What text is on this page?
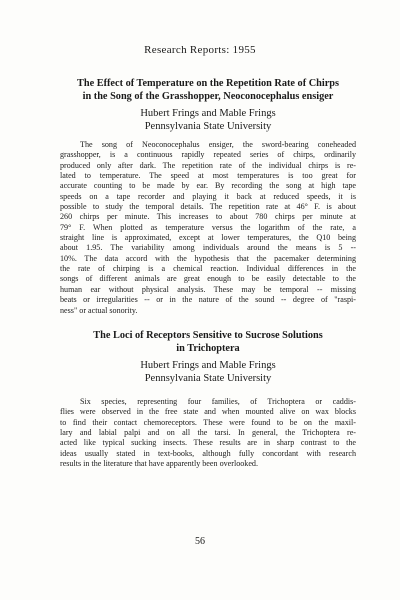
Research Reports: 1955
The Effect of Temperature on the Repetition Rate of Chirps
in the Song of the Grasshopper, Neoconocephalus ensiger
Hubert Frings and Mable Frings
Pennsylvania State University
The song of Neoconocephalus ensiger, the sword-bearing coneheaded
grasshopper, is a continuous rapidly repeated series of chirps, ordinarily
produced only after dark. The repetition rate of the individual chirps is re-
lated to temperature. The speed at most temperatures is too great for
accurate counting to be made by ear. By recording the song at high tape
speeds on a tape recorder and playing it back at reduced speeds, it is
possible to study the temporal details. The repetition rate at 46° F. is about
260 chirps per minute. This increases to about 780 chirps per minute at
79° F. When plotted as temperature versus the logarithm of the rate, a
straight line is approximated, except at lower temperatures, the Q10 being
about 1.95. The variability among individuals around the means is 5 --
10%. The data accord with the hypothesis that the pacemaker determining
the rate of chirping is a chemical reaction. Individual differences in the
songs of different animals are great enough to be easily detectable to the
human ear without physical analysis. These may be temporal -- missing
beats or irregularities -- or in the nature of the sound -- degree of "raspi-
ness" or actual sonority.
The Loci of Receptors Sensitive to Sucrose Solutions
in Trichoptera
Hubert Frings and Mable Frings
Pennsylvania State University
Six species, representing four families, of Trichoptera or caddis-
flies were observed in the free state and when mounted alive on wax blocks
to find their contact chemoreceptors. These were found to be on the maxil-
lary and labial palpi and on all the tarsi. In general, the Trichoptera re-
acted like typical sucking insects. These results are in sharp contrast to the
ideas usually stated in text-books, although fully concordant with research
results in the literature that have apparently been overlooked.
56
